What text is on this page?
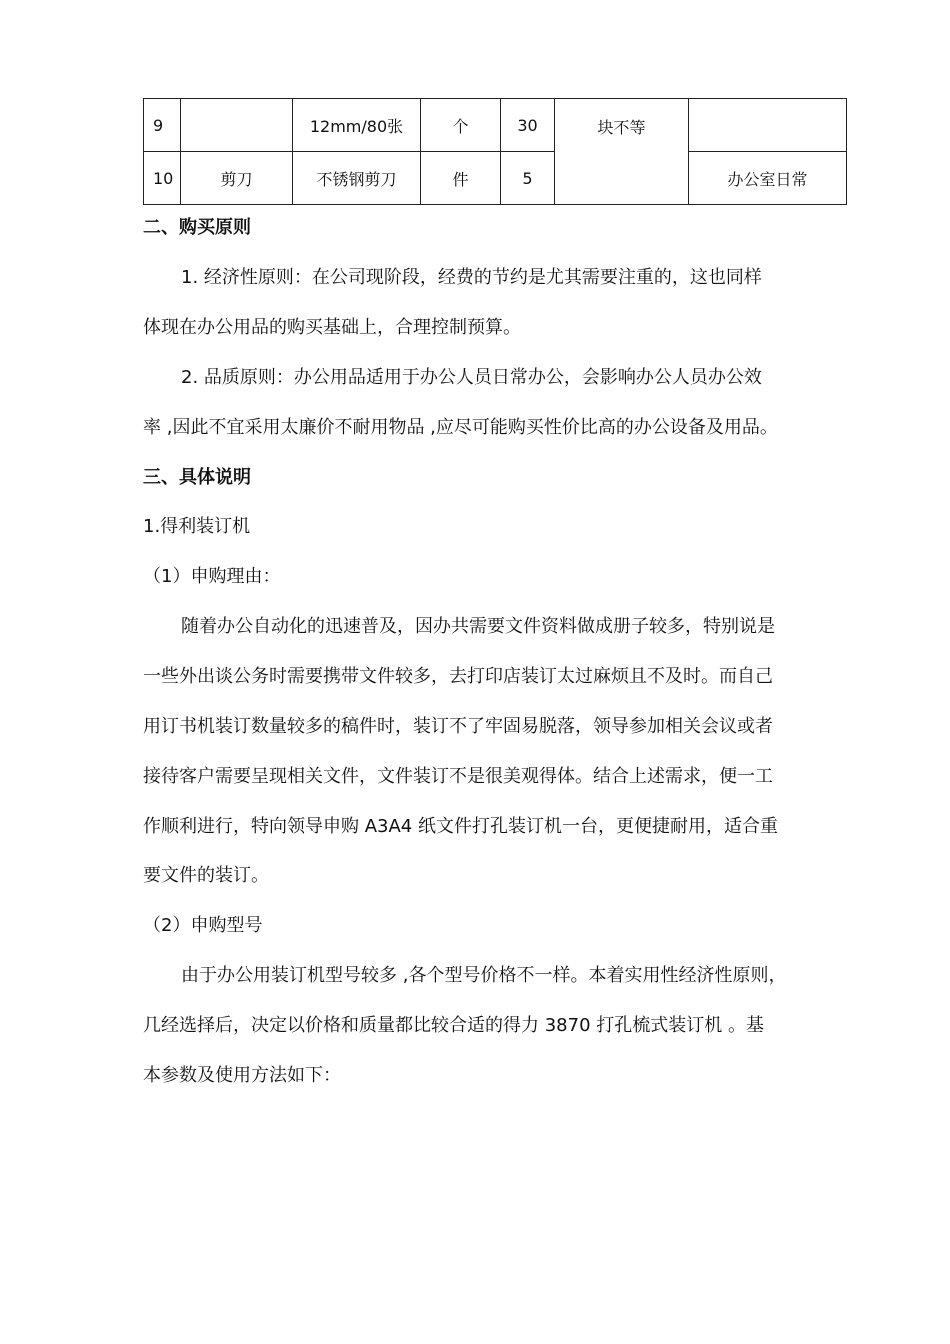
9		12mm/80张	个	30	块不等	
10	剪刀	不锈钢剪刀	件	5		办公室日常
二、购买原则
1. 经济性原则：在公司现阶段，经费的节约是尤其需要注重的，这也同样
体现在办公用品的购买基础上，合理控制预算。
2. 品质原则：办公用品适用于办公人员日常办公，会影响办公人员办公效
率 ,因此不宜采用太廉价不耐用物品 ,应尽可能购买性价比高的办公设备及用品。
三、具体说明
1.得利装订机
（1）申购理由：
随着办公自动化的迅速普及，因办共需要文件资料做成册子较多，特别说是
一些外出谈公务时需要携带文件较多，去打印店装订太过麻烦且不及时。而自己
用订书机装订数量较多的稿件时，装订不了牢固易脱落，领导参加相关会议或者
接待客户需要呈现相关文件，文件装订不是很美观得体。结合上述需求，便一工
作顺利进行，特向领导申购 A3A4 纸文件打孔装订机一台，更便捷耐用，适合重
要文件的装订。
（2）申购型号
由于办公用装订机型号较多 ,各个型号价格不一样。本着实用性经济性原则，
几经选择后，决定以价格和质量都比较合适的得力 3870 打孔梳式装订机 。基
本参数及使用方法如下：
